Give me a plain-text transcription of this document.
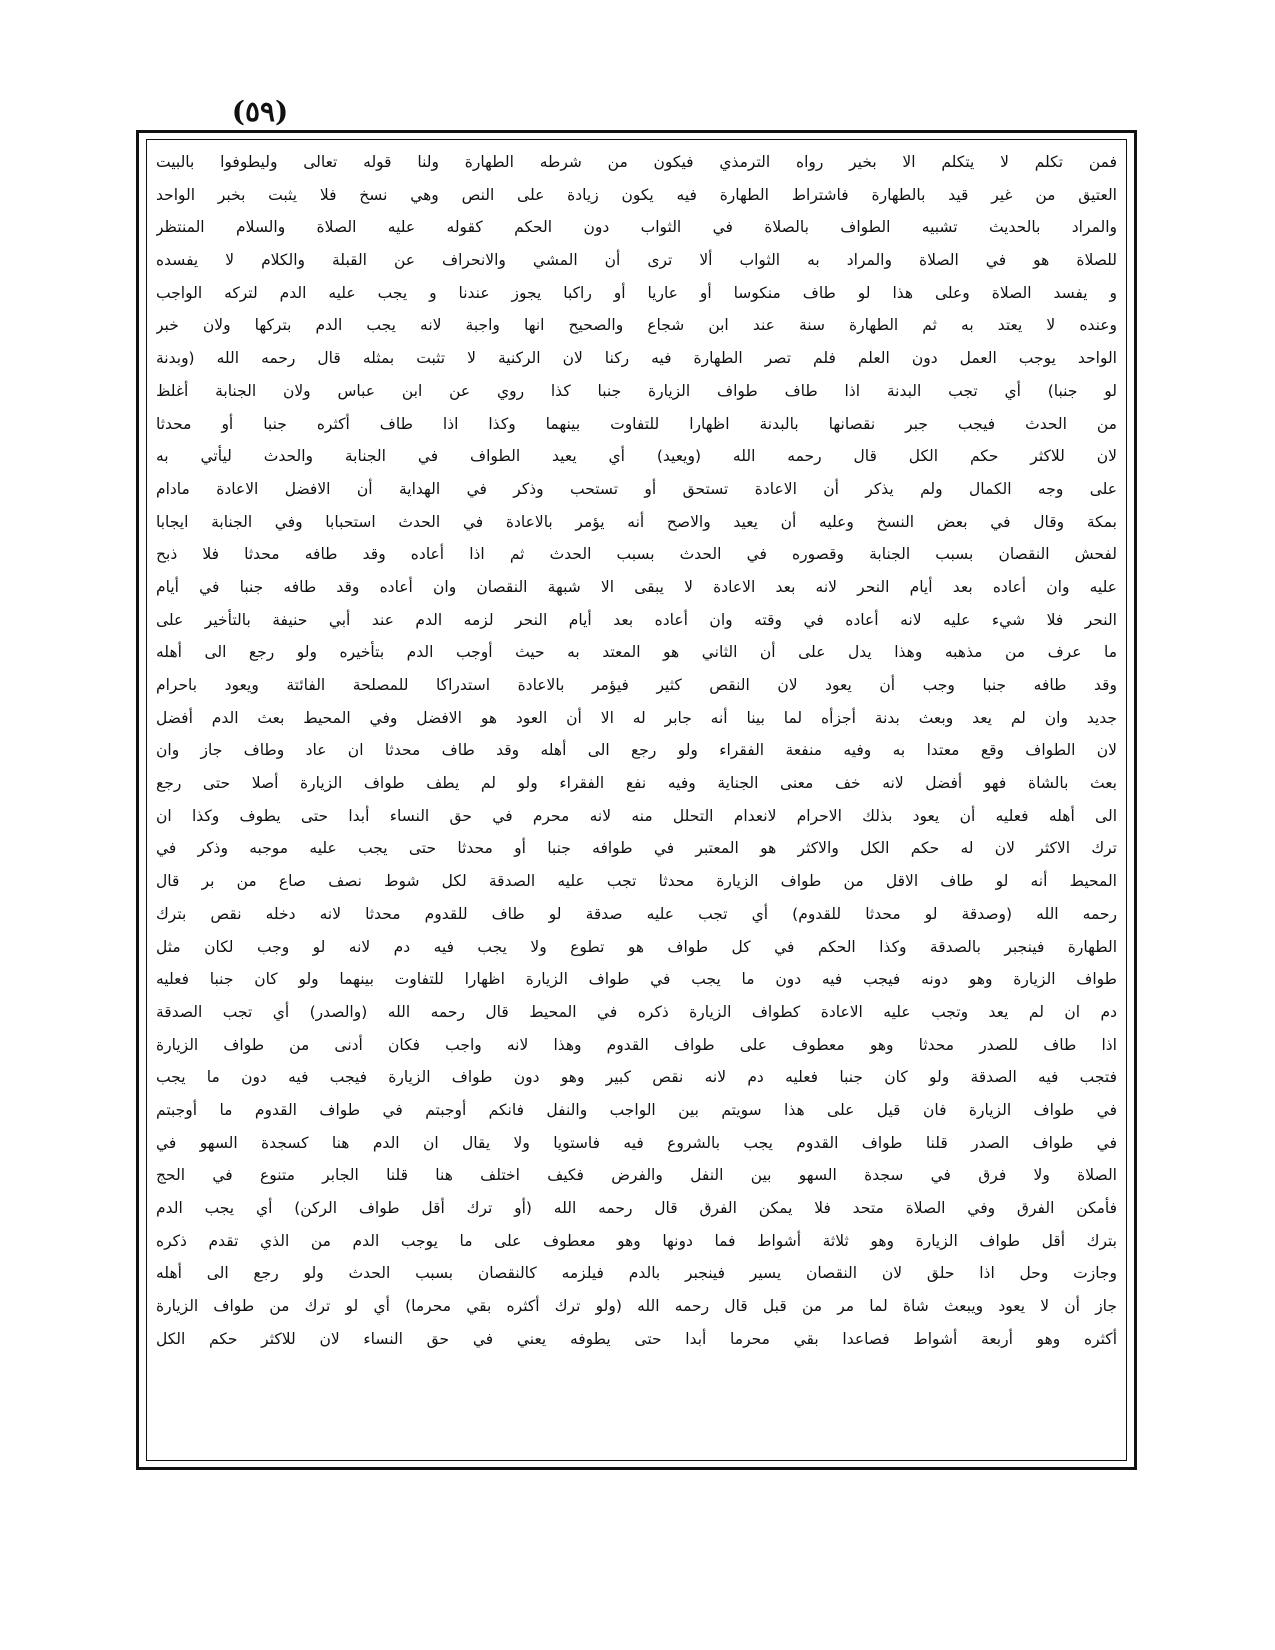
(٥٩)
فمن تكلم لا يتكلم الا بخير رواه الترمذي فيكون من شرطه الطهارة ولنا قوله تعالى وليطوفوا بالبيت
العتيق من غير قيد بالطهارة فاشتراط الطهارة فيه يكون زيادة على النص وهي نسخ فلا يثبت بخبر الواحد
والمراد بالحديث تشبيه الطواف بالصلاة في الثواب دون الحكم كقوله عليه الصلاة والسلام المنتظر
للصلاة هو في الصلاة والمراد به الثواب ألا ترى أن المشي والانحراف عن القبلة والكلام لا يفسده
و يفسد الصلاة وعلى هذا لو طاف منكوسا أو عاريا أو راكبا يجوز عندنا و يجب عليه الدم لتركه الواجب
وعنده لا يعتد به ثم الطهارة سنة عند ابن شجاع والصحيح انها واجبة لانه يجب الدم بتركها ولان خبر
الواحد يوجب العمل دون العلم فلم تصر الطهارة فيه ركنا لان الركنية لا تثبت بمثله قال رحمه الله (وبدنة
لو جنبا) أي تجب البدنة اذا طاف طواف الزيارة جنبا كذا روي عن ابن عباس ولان الجنابة أغلظ
من الحدث فيجب جبر نقصانها بالبدنة اظهارا للتفاوت بينهما وكذا اذا طاف أكثره جنبا أو محدثا
لان للاكثر حكم الكل قال رحمه الله (ويعيد) أي يعيد الطواف في الجنابة والحدث ليأتي به
على وجه الكمال ولم يذكر أن الاعادة تستحق أو تستحب وذكر في الهداية أن الافضل الاعادة مادام
بمكة وقال في بعض النسخ وعليه أن يعيد والاصح أنه يؤمر بالاعادة في الحدث استحبابا وفي الجنابة ايجابا
لفحش النقصان بسبب الجنابة وقصوره في الحدث بسبب الحدث ثم اذا أعاده وقد طافه محدثا فلا ذبح
عليه وان أعاده بعد أيام النحر لانه بعد الاعادة لا يبقى الا شبهة النقصان وان أعاده وقد طافه جنبا في أيام
النحر فلا شيء عليه لانه أعاده في وقته وان أعاده بعد أيام النحر لزمه الدم عند أبي حنيفة بالتأخير على
ما عرف من مذهبه وهذا يدل على أن الثاني هو المعتد به حيث أوجب الدم بتأخيره ولو رجع الى أهله
وقد طافه جنبا وجب أن يعود لان النقص كثير فيؤمر بالاعادة استدراكا للمصلحة الفائتة ويعود باحرام
جديد وان لم يعد وبعث بدنة أجزأه لما بينا أنه جابر له الا أن العود هو الافضل وفي المحيط بعث الدم أفضل
لان الطواف وقع معتدا به وفيه منفعة الفقراء ولو رجع الى أهله وقد طاف محدثا ان عاد وطاف جاز وان
بعث بالشاة فهو أفضل لانه خف معنى الجناية وفيه نفع الفقراء ولو لم يطف طواف الزيارة أصلا حتى رجع
الى أهله فعليه أن يعود بذلك الاحرام لانعدام التحلل منه لانه محرم في حق النساء أبدا حتى يطوف وكذا ان
ترك الاكثر لان له حكم الكل والاكثر هو المعتبر في طوافه جنبا أو محدثا حتى يجب عليه موجبه وذكر في
المحيط أنه لو طاف الاقل من طواف الزيارة محدثا تجب عليه الصدقة لكل شوط نصف صاع من بر قال
رحمه الله (وصدقة لو محدثا للقدوم) أي تجب عليه صدقة لو طاف للقدوم محدثا لانه دخله نقص بترك
الطهارة فينجبر بالصدقة وكذا الحكم في كل طواف هو تطوع ولا يجب فيه دم لانه لو وجب لكان مثل
طواف الزيارة وهو دونه فيجب فيه دون ما يجب في طواف الزيارة اظهارا للتفاوت بينهما ولو كان جنبا فعليه
دم ان لم يعد وتجب عليه الاعادة كطواف الزيارة ذكره في المحيط قال رحمه الله (والصدر) أي تجب الصدقة
اذا طاف للصدر محدثا وهو معطوف على طواف القدوم وهذا لانه واجب فكان أدنى من طواف الزيارة
فتجب فيه الصدقة ولو كان جنبا فعليه دم لانه نقص كبير وهو دون طواف الزيارة فيجب فيه دون ما يجب
في طواف الزيارة فان قيل على هذا سويتم بين الواجب والنفل فانكم أوجبتم في طواف القدوم ما أوجبتم
في طواف الصدر قلنا طواف القدوم يجب بالشروع فيه فاستويا ولا يقال ان الدم هنا كسجدة السهو في
الصلاة ولا فرق في سجدة السهو بين النفل والفرض فكيف اختلف هنا قلنا الجابر متنوع في الحج
فأمكن الفرق وفي الصلاة متحد فلا يمكن الفرق قال رحمه الله (أو ترك أقل طواف الركن) أي يجب الدم
بترك أقل طواف الزيارة وهو ثلاثة أشواط فما دونها وهو معطوف على ما يوجب الدم من الذي تقدم ذكره
وجازت وحل اذا حلق لان النقصان يسير فينجبر بالدم فيلزمه كالنقصان بسبب الحدث ولو رجع الى أهله
جاز أن لا يعود ويبعث شاة لما مر من قبل قال رحمه الله (ولو ترك أكثره بقي محرما) أي لو ترك من طواف الزيارة
أكثره وهو أربعة أشواط فصاعدا بقي محرما أبدا حتى يطوفه يعني في حق النساء لان للاكثر حكم الكل
